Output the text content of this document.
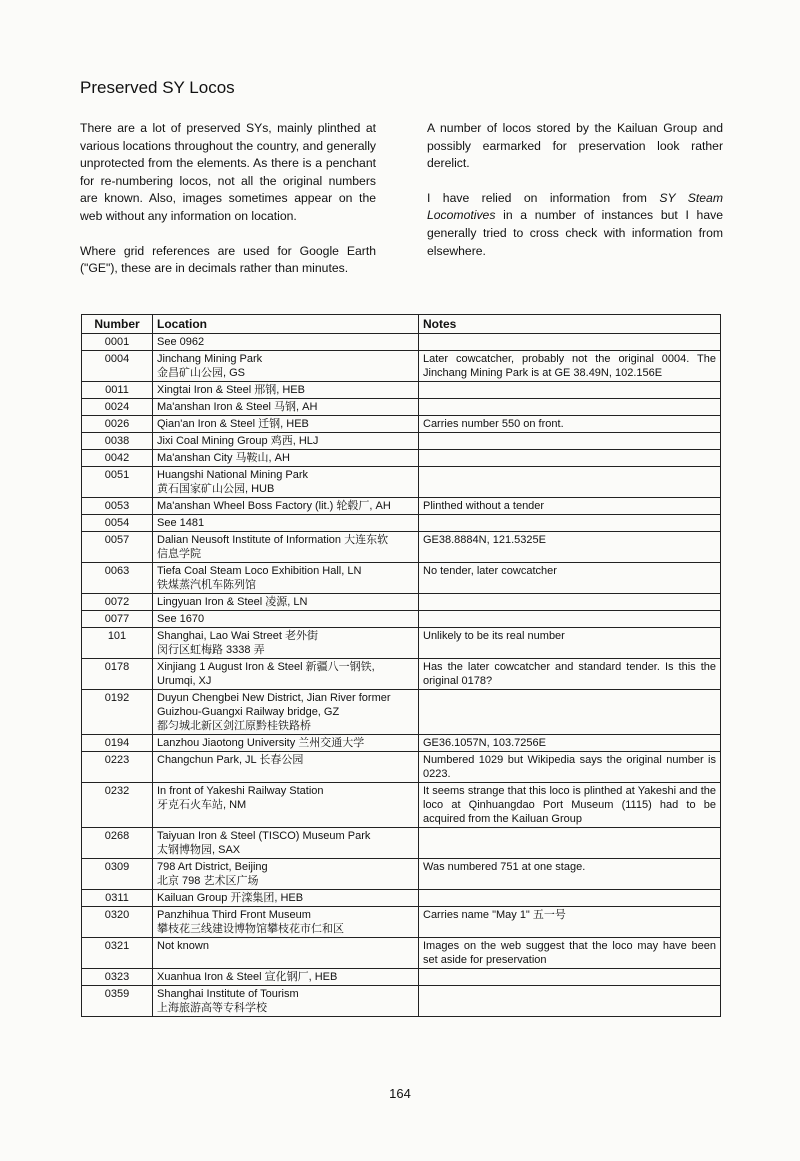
Preserved SY Locos

There are a lot of preserved SYs, mainly plinthed at various locations throughout the country, and generally unprotected from the elements. As there is a penchant for re-numbering locos, not all the original numbers are known. Also, images sometimes appear on the web without any information on location.

Where grid references are used for Google Earth ("GE"), these are in decimals rather than minutes.

A number of locos stored by the Kailuan Group and possibly earmarked for preservation look rather derelict.

I have relied on information from SY Steam Locomotives in a number of instances but I have generally tried to cross check with information from elsewhere.

Number	Location	Notes
0001	See 0962	

0004	Jinchang Mining Park
金昌矿山公园, GS	Later cowcatcher, probably not the original 0004. The Jinchang Mining Park is at GE 38.49N, 102.156E

0011	Xingtai Iron & Steel 邢钢, HEB	

0024	Ma'anshan Iron & Steel 马钢, AH	

0026	Qian'an Iron & Steel 迁钢, HEB	Carries number 550 on front.

0038	Jixi Coal Mining Group 鸡西, HLJ	

0042	Ma'anshan City 马鞍山, AH	

0051	Huangshi National Mining Park
黄石国家矿山公园, HUB	

0053	Ma'anshan Wheel Boss Factory (lit.) 轮毂厂, AH	Plinthed without a tender

0054	See 1481	

0057	Dalian Neusoft Institute of Information 大连东软
信息学院	GE38.8884N, 121.5325E

0063	Tiefa Coal Steam Loco Exhibition Hall, LN
铁煤蒸汽机车陈列馆	No tender, later cowcatcher

0072	Lingyuan Iron & Steel 凌源, LN	

0077	See 1670	

101	Shanghai, Lao Wai Street 老外街
闵行区虹梅路 3338 弄	Unlikely to be its real number

0178	Xinjiang 1 August Iron & Steel 新疆八一钢铁,
Urumqi, XJ	Has the later cowcatcher and standard tender. Is this the original 0178?

0192	Duyun Chengbei New District, Jian River former
Guizhou-Guangxi Railway bridge, GZ
都匀城北新区剑江原黔桂铁路桥	

0194	Lanzhou Jiaotong University 兰州交通大学	GE36.1057N, 103.7256E

0223	Changchun Park, JL 长春公园	Numbered 1029 but Wikipedia says the original number is 0223.

0232	In front of Yakeshi Railway Station
牙克石火车站, NM	It seems strange that this loco is plinthed at Yakeshi and the loco at Qinhuangdao Port Museum (1115) had to be acquired from the Kailuan Group

0268	Taiyuan Iron & Steel (TISCO) Museum Park
太钢博物园, SAX	

0309	798 Art District, Beijing
北京 798 艺术区广场	Was numbered 751 at one stage.

0311	Kailuan Group 开滦集团, HEB	

0320	Panzhihua Third Front Museum
攀枝花三线建设博物馆攀枝花市仁和区	Carries name "May 1" 五一号

0321	Not known	Images on the web suggest that the loco may have been set aside for preservation

0323	Xuanhua Iron & Steel 宣化钢厂, HEB	

0359	Shanghai Institute of Tourism
上海旅游高等专科学校	

164
